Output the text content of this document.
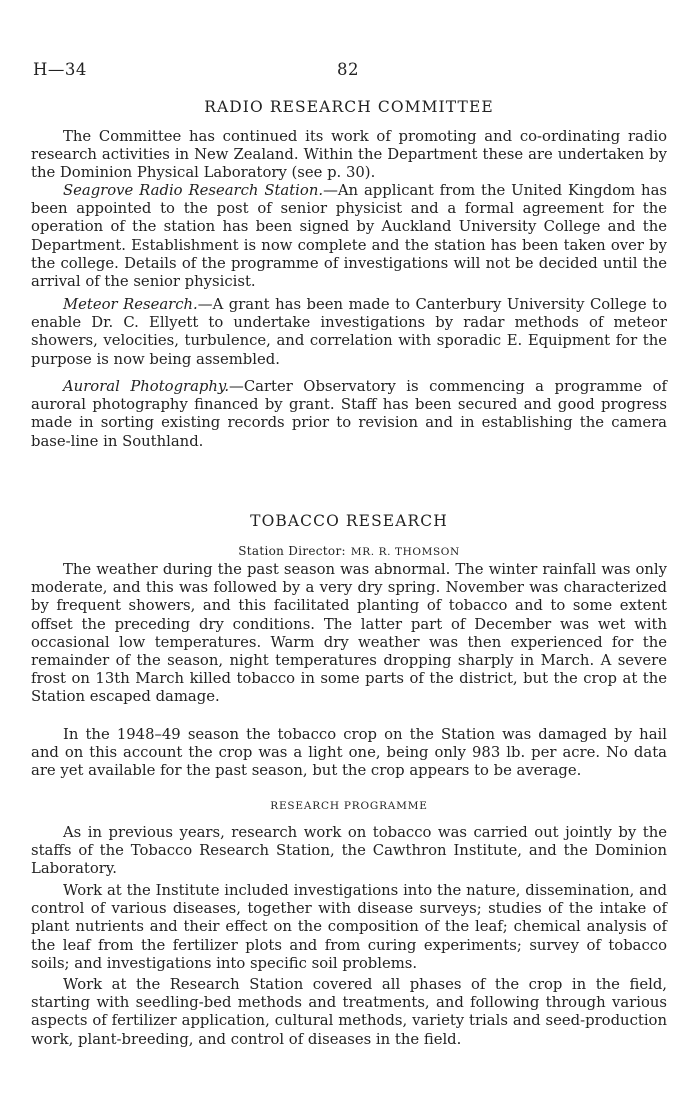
H—34	82
RADIO RESEARCH COMMITTEE

The Committee has continued its work of promoting and co-ordinating radio research activities in New Zealand. Within the Department these are undertaken by the Dominion Physical Laboratory (see p. 30).

Seagrove Radio Research Station.—An applicant from the United Kingdom has been appointed to the post of senior physicist and a formal agreement for the operation of the station has been signed by Auckland University College and the Department. Establishment is now complete and the station has been taken over by the college. Details of the programme of investigations will not be decided until the arrival of the senior physicist.

Meteor Research.—A grant has been made to Canterbury University College to enable Dr. C. Ellyett to undertake investigations by radar methods of meteor showers, velocities, turbulence, and correlation with sporadic E. Equipment for the purpose is now being assembled.

Auroral Photography.—Carter Observatory is commencing a programme of auroral photography financed by grant. Staff has been secured and good progress made in sorting existing records prior to revision and in establishing the camera base-line in Southland.

TOBACCO RESEARCH
Station Director: MR. R. THOMSON

The weather during the past season was abnormal. The winter rainfall was only moderate, and this was followed by a very dry spring. November was characterized by frequent showers, and this facilitated planting of tobacco and to some extent offset the preceding dry conditions. The latter part of December was wet with occasional low temperatures. Warm dry weather was then experienced for the remainder of the season, night temperatures dropping sharply in March. A severe frost on 13th March killed tobacco in some parts of the district, but the crop at the Station escaped damage.

In the 1948–49 season the tobacco crop on the Station was damaged by hail and on this account the crop was a light one, being only 983 lb. per acre. No data are yet available for the past season, but the crop appears to be average.

RESEARCH PROGRAMME

As in previous years, research work on tobacco was carried out jointly by the staffs of the Tobacco Research Station, the Cawthron Institute, and the Dominion Laboratory.

Work at the Institute included investigations into the nature, dissemination, and control of various diseases, together with disease surveys; studies of the intake of plant nutrients and their effect on the composition of the leaf; chemical analysis of the leaf from the fertilizer plots and from curing experiments; survey of tobacco soils; and investigations into specific soil problems.

Work at the Research Station covered all phases of the crop in the field, starting with seedling-bed methods and treatments, and following through various aspects of fertilizer application, cultural methods, variety trials and seed-production work, plant-breeding, and control of diseases in the field.
